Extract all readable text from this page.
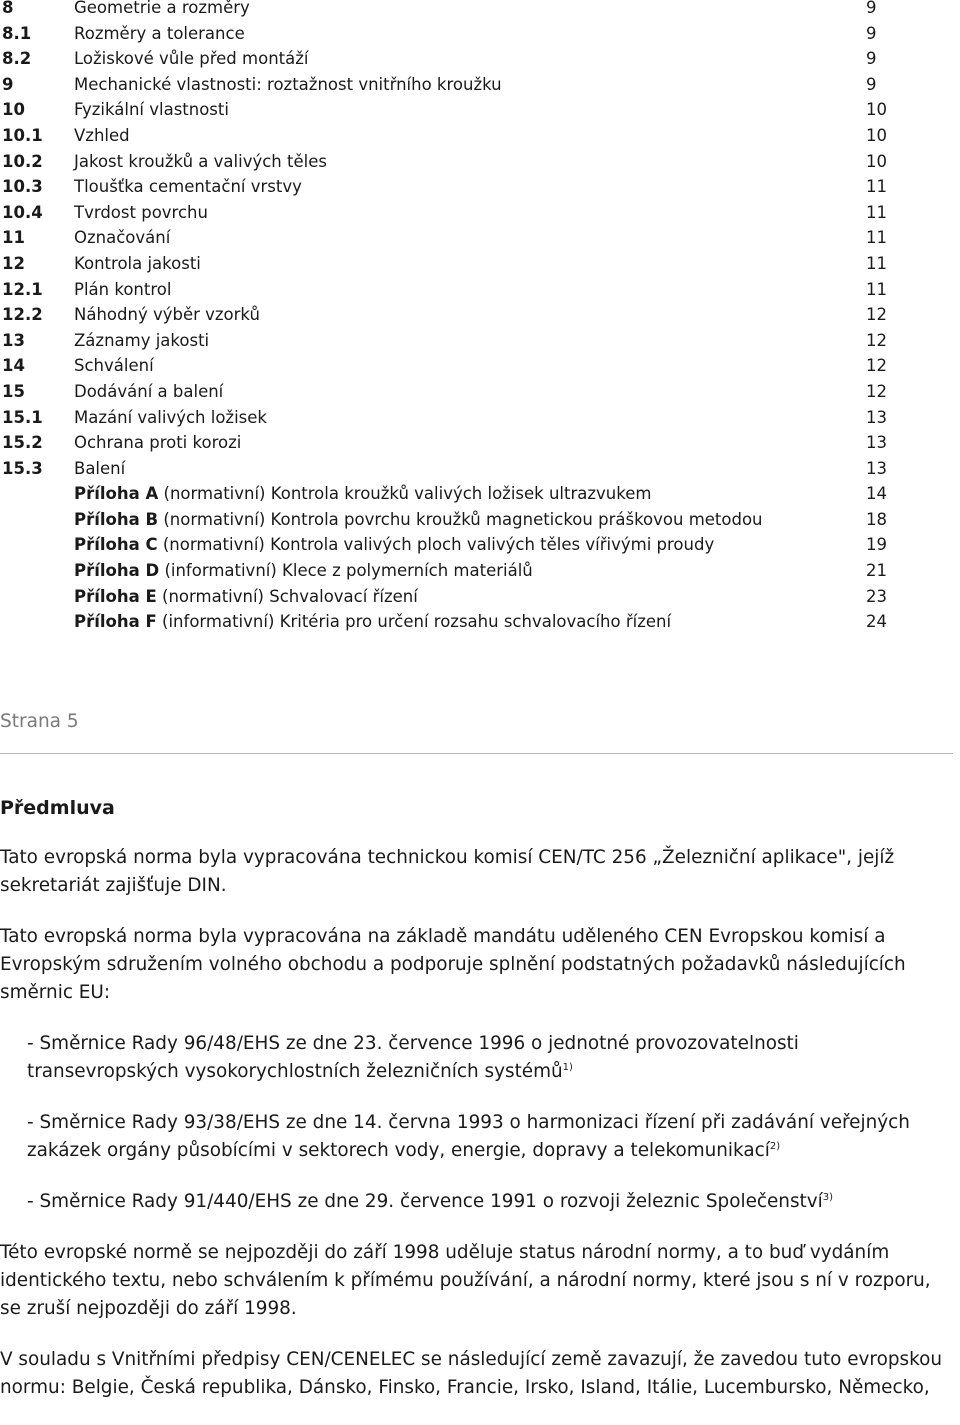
8	Geometrie a rozměry	9
8.1	Rozměry a tolerance	9
8.2	Ložiskové vůle před montáží	9
9	Mechanické vlastnosti: roztažnost vnitřního kroužku	9
10	Fyzikální vlastnosti	10
10.1 Vzhled	10
10.2 Jakost kroužků a valivých těles	10
10.3 Tloušťka cementační vrstvy	11
10.4 Tvrdost povrchu	11
11	Označování	11
12	Kontrola jakosti	11
12.1 Plán kontrol	11
12.2 Náhodný výběr vzorků	12
13	Záznamy jakosti	12
14	Schválení	12
15	Dodávání a balení	12
15.1 Mazání valivých ložisek	13
15.2 Ochrana proti korozi	13
15.3 Balení	13
Příloha A (normativní) Kontrola kroužků valivých ložisek ultrazvukem	14
Příloha B (normativní) Kontrola povrchu kroužků magnetickou práškovou metodou	18
Příloha C (normativní) Kontrola valivých ploch valivých těles vířivými proudy	19
Příloha D (informativní) Klece z polymerních materiálů	21
Příloha E (normativní) Schvalovací řízení	23
Příloha F (informativní) Kritéria pro určení rozsahu schvalovacího řízení	24
Strana 5
Předmluva

Tato evropská norma byla vypracována technickou komisí CEN/TC 256 „Železniční aplikace", jejíž sekretariát zajišťuje DIN.

Tato evropská norma byla vypracována na základě mandátu uděleného CEN Evropskou komisí a Evropským sdružením volného obchodu a podporuje splnění podstatných požadavků následujících směrnic EU:

- Směrnice Rady 96/48/EHS ze dne 23. července 1996 o jednotné provozovatelnosti transevropských vysokorychlostních železničních systémů$^{1)}$

- Směrnice Rady 93/38/EHS ze dne 14. června 1993 o harmonizaci řízení při zadávání veřejných zakázek orgány působícími v sektorech vody, energie, dopravy a telekomunikací$^{2)}$

- Směrnice Rady 91/440/EHS ze dne 29. července 1991 o rozvoji železnic Společenství$^{3)}$

Této evropské normě se nejpozději do září 1998 uděluje status národní normy, a to buď vydáním identického textu, nebo schválením k přímému používání, a národní normy, které jsou s ní v rozporu, se zruší nejpozději do září 1998.

V souladu s Vnitřními předpisy CEN/CENELEC se následující země zavazují, že zavedou tuto evropskou normu: Belgie, Česká republika, Dánsko, Finsko, Francie, Irsko, Island, Itálie, Lucembursko, Německo,
